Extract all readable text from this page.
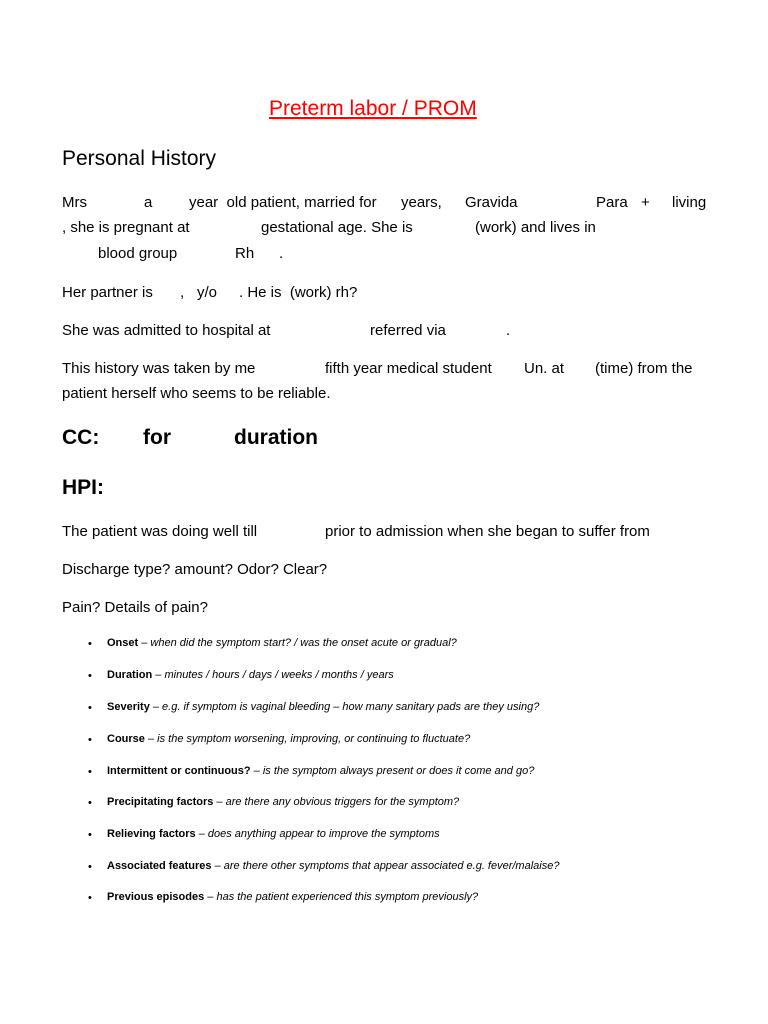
Preterm labor / PROM
Personal History
Mrs	a year  old patient, married for years, Gravida	Para + living
, she is pregnant at	gestational age. She is	(work) and lives in
blood group	Rh .
Her partner is , y/o . He is  (work) rh?
She was admitted to hospital at	referred via	.
This history was taken by me	fifth year medical student Un. at (time) from the
patient herself who seems to be reliable.
CC: for	duration
HPI:
The patient was doing well till	prior to admission when she began to suffer from
Discharge type? amount? Odor? Clear?
Pain? Details of pain?
• Onset – when did the symptom start? / was the onset acute or gradual?
• Duration – minutes / hours / days / weeks / months / years
• Severity – e.g. if symptom is vaginal bleeding – how many sanitary pads are they using?
• Course – is the symptom worsening, improving, or continuing to fluctuate?
• Intermittent or continuous? – is the symptom always present or does it come and go?
• Precipitating factors – are there any obvious triggers for the symptom?
• Relieving factors – does anything appear to improve the symptoms
• Associated features – are there other symptoms that appear associated e.g. fever/malaise?
• Previous episodes – has the patient experienced this symptom previously?
